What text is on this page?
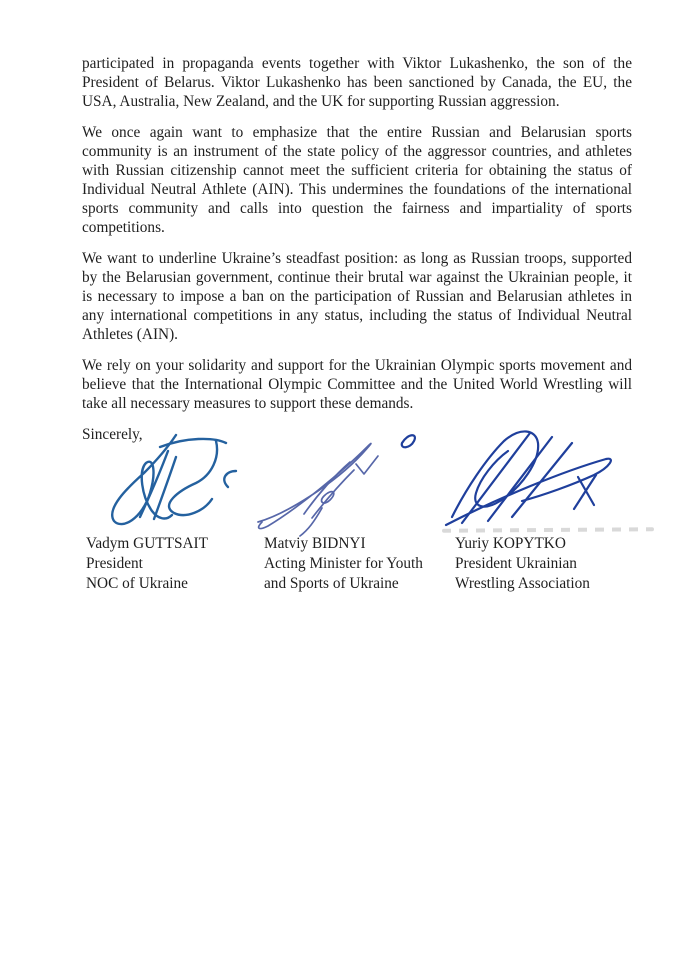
participated in propaganda events together with Viktor Lukashenko, the son of the President of Belarus. Viktor Lukashenko has been sanctioned by Canada, the EU, the USA, Australia, New Zealand, and the UK for supporting Russian aggression.

We once again want to emphasize that the entire Russian and Belarusian sports community is an instrument of the state policy of the aggressor countries, and athletes with Russian citizenship cannot meet the sufficient criteria for obtaining the status of Individual Neutral Athlete (AIN). This undermines the foundations of the international sports community and calls into question the fairness and impartiality of sports competitions.

We want to underline Ukraine’s steadfast position: as long as Russian troops, supported by the Belarusian government, continue their brutal war against the Ukrainian people, it is necessary to impose a ban on the participation of Russian and Belarusian athletes in any international competitions in any status, including the status of Individual Neutral Athletes (AIN).

We rely on your solidarity and support for the Ukrainian Olympic sports movement and believe that the International Olympic Committee and the United World Wrestling will take all necessary measures to support these demands.

Sincerely,

Vadym GUTTSAIT
President
NOC of Ukraine
Matviy BIDNYI
Acting Minister for Youth
and Sports of Ukraine
Yuriy KOPYTKO
President Ukrainian
Wrestling Association
